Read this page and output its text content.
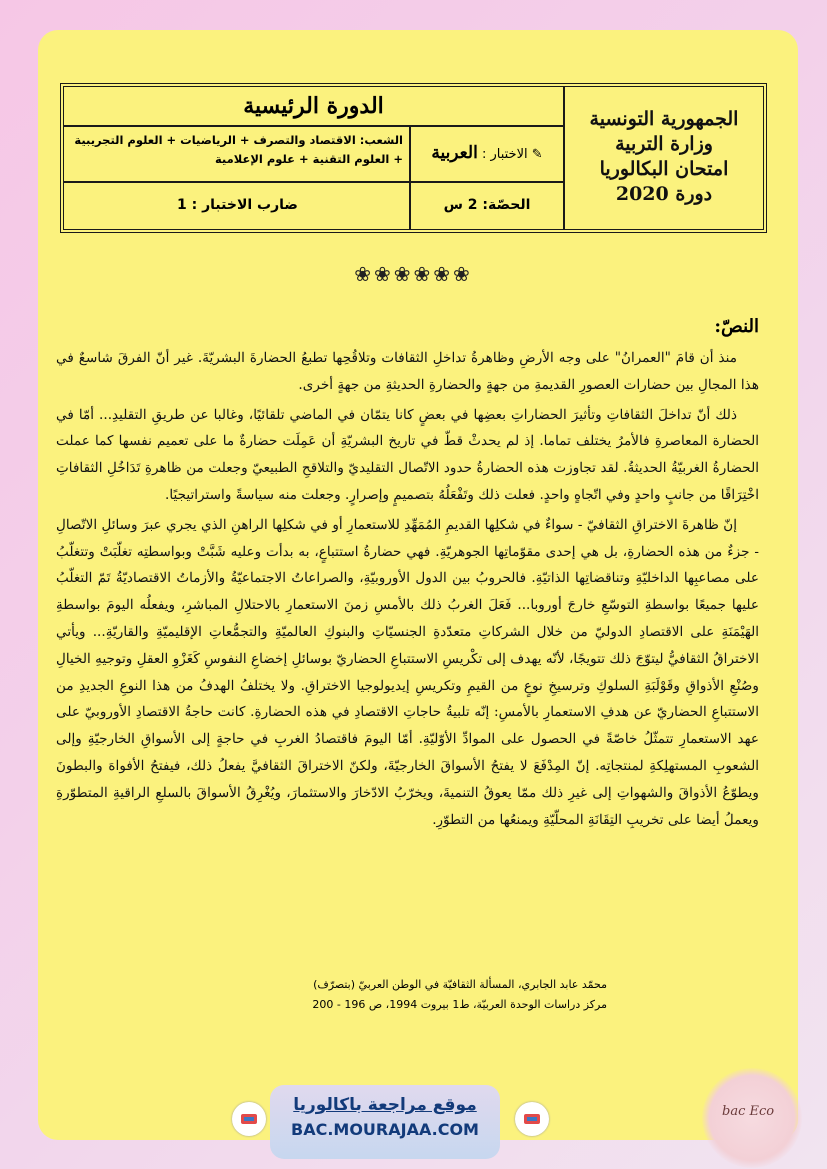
الجمهورية التونسية
وزارة التربية
امتحان البكالوريا
دورة 2020
الدورة الرئيسية
✎ الاختبار : العربية
الشعب: الاقتصاد والتصرف + الرياضيات + العلوم التجريبية + العلوم التقنية + علوم الإعلامية
الحصّة: 2 س
ضارب الاختبار : 1
❀❀❀❀❀❀
النصّ:

منذ أن قامَ "العمرانُ" على وجه الأرضِ وظاهرةُ تداخلِ الثقافات وتلاقُحِها تطبعُ الحضارةَ البشريّةَ. غير أنّ الفرقَ شاسعٌ في هذا المجالِ بين حضارات العصورِ القديمةِ من جهةٍ والحضارةِ الحديثةِ من جهةٍ أخرى.

ذلك أنّ تداخلَ الثقافاتِ وتأثيرَ الحضاراتِ بعضِها في بعضٍ كانا يتمّان في الماضي تلقائيًا، وغالبا عن طريقِ التقليدِ... أمّا في الحضارة المعاصرةِ فالأمرُ يختلف تماما. إذ لم يحدثْ قطّ في تاريخ البشريّةِ أن عَمِلَت حضارةٌ ما على تعميم نفسها كما عملت الحضارةُ الغربيّةُ الحديثةُ. لقد تجاوزت هذه الحضارةُ حدود الاتّصال التقليديّ والتلاقحِ الطبيعيّ وجعلت من ظاهرةِ تَدَاخُلِ الثقافاتِ اخْتِرَاقًا من جانبٍ واحدٍ وفي اتّجاهٍ واحدٍ. فعلت ذلك وتَفْعَلُهُ بتصميمٍ وإصرارٍ. وجعلت منه سياسةً واستراتيجيًا.

إنّ ظاهرةَ الاختراقِ الثقافيّ - سواءٌ في شكلِها القديمِ المُمَهِّدِ للاستعمارِ أو في شكلِها الراهنِ الذي يجري عبرَ وسائلِ الاتّصالِ - جزءٌ من هذه الحضارةِ، بل هي إحدى مقوّماتِها الجوهريّةِ. فهي حضارةُ استتباعٍ، به بدأت وعليه شَبَّتْ وبواسطتِه تغلّبَتْ وتتغلّبُ على مصاعبِها الداخليّةِ وتناقضاتِها الذاتيّةِ. فالحروبُ بين الدول الأوروبيّةِ، والصراعاتُ الاجتماعيّةُ والأزماتُ الاقتصاديّةُ تَمّ التغلّبُ عليها جميعًا بواسطةِ التوسّعِ خارجَ أوروبا... فَعَلَ الغربُ ذلك بالأمسِ زمنَ الاستعمارِ بالاحتلالِ المباشرِ، ويفعلُه اليومَ بواسطةِ الهَيْمَنَةِ على الاقتصادِ الدوليّ من خلال الشركاتِ متعدّدةِ الجنسيّاتِ والبنوكِ العالميّةِ والتجمُّعاتِ الإقليميّةِ والقاريّةِ... ويأتي الاختراقُ الثقافيُّ ليتوّجَ ذلك تتويجًا، لأنّه يهدف إلى تكْريسِ الاستتباعِ الحضاريّ بوسائلِ إخضاعِ النفوسِ كَغَزْوِ العقلِ وتوجيهِ الخيالِ وصُنْعِ الأذواقِ وقَوْلَبَةِ السلوكِ وترسيخِ نوعٍ من القيمِ وتكريسِ إيديولوجيا الاختراقِ. ولا يختلفُ الهدفُ من هذا النوعِ الجديدِ من الاستتباعِ الحضاريّ عن هدفِ الاستعمارِ بالأمسِ: إنّه تلبيةُ حاجاتِ الاقتصادِ في هذه الحضارةِ. كانت حاجةُ الاقتصادِ الأوروبيّ على عهد الاستعمارِ تتمثّلُ خاصّةً في الحصول على الموادِّ الأوّليّةِ. أمّا اليومَ فاقتصادُ الغربِ في حاجةٍ إلى الأسواقِ الخارجيّةِ وإلى الشعوبِ المستهلِكةِ لمنتجاتِه. إنّ المِدْفَعَ لا يفتحُ الأسواقَ الخارجيّةَ، ولكنّ الاختراقَ الثقافيَّ يفعلُ ذلك، فيفتحُ الأفواهَ والبطونَ ويطوّعُ الأذواقَ والشهواتِ إلى غيرِ ذلك ممّا يعوقُ التنميةَ، ويخرّبُ الادّخارَ والاستثمارَ، ويُغْرِقُ الأسواقَ بالسلعِ الراقيةِ المتطوّرةِ ويعملُ أيضا على تخريبِ التِقَانَةِ المحلّيّةِ ويمنعُها من التطوّرِ.

محمّد عابد الجابري، المسألة الثقافيّة في الوطن العربيّ (بتصرّف)
مركز دراسات الوحدة العربيّة، ط1 بيروت 1994، ص 196 - 200
موقع مراجعة باكالوريا
BAC.MOURAJAA.COM
bac Eco
